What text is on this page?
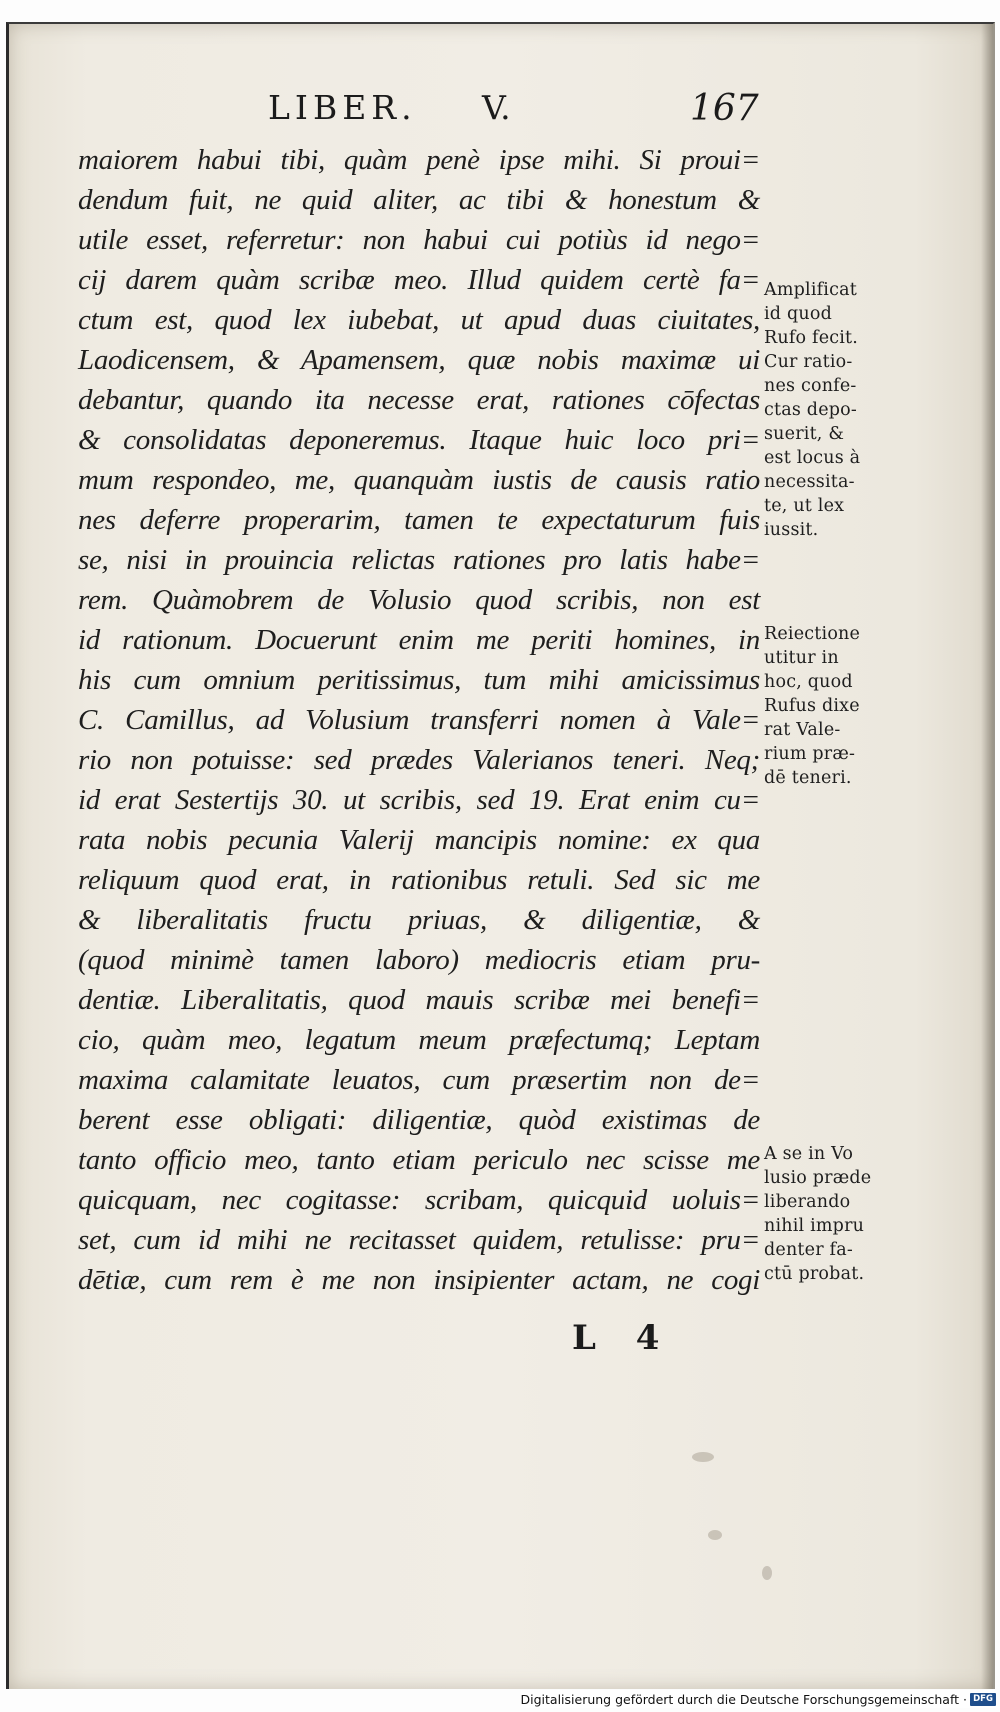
LIBER. V.	167
maiorem habui tibi, quàm penè ipse mihi. Si proui=
dendum fuit, ne quid aliter, ac tibi & honestum &
utile esset, referretur: non habui cui potiùs id nego=
cij darem quàm scribæ meo. Illud quidem certè fa=
ctum est, quod lex iubebat, ut apud duas ciuitates,
Laodicensem, & Apamensem, quæ nobis maximæ ui
debantur, quando ita necesse erat, rationes cōfectas
& consolidatas deponeremus. Itaque huic loco pri=
mum respondeo, me, quanquàm iustis de causis ratio
nes deferre properarim, tamen te expectaturum fuis
se, nisi in prouincia relictas rationes pro latis habe=
rem. Quàmobrem de Volusio quod scribis, non est
id rationum. Docuerunt enim me periti homines, in
his cum omnium peritissimus, tum mihi amicissimus
C. Camillus, ad Volusium transferri nomen à Vale=
rio non potuisse: sed prædes Valerianos teneri. Neq;
id erat Sestertijs 30. ut scribis, sed 19. Erat enim cu=
rata nobis pecunia Valerij mancipis nomine: ex qua
reliquum quod erat, in rationibus retuli. Sed sic me
& liberalitatis fructu priuas, & diligentiæ, &
(quod minimè tamen laboro) mediocris etiam pru-
dentiæ. Liberalitatis, quod mauis scribæ mei benefi=
cio, quàm meo, legatum meum præfectumq; Leptam
maxima calamitate leuatos, cum præsertim non de=
berent esse obligati: diligentiæ, quòd existimas de
tanto officio meo, tanto etiam periculo nec scisse me
quicquam, nec cogitasse: scribam, quicquid uoluis=
set, cum id mihi ne recitasset quidem, retulisse: pru=
dētiæ, cum rem è me non insipienter actam, ne cogi
Amplificat
id quod
Rufo fecit.
Cur ratio-
nes confe-
ctas depo-
suerit, &
est locus à
necessita-
te, ut lex
iussit.
Reiectione
utitur in
hoc, quod
Rufus dixe
rat Vale-
rium præ-
dē teneri.
A se in Vo
lusio præde
liberando
nihil impru
denter fa-
ctū probat.
L 4
Digitalisierung gefördert durch die Deutsche Forschungsgemeinschaft · DFG
